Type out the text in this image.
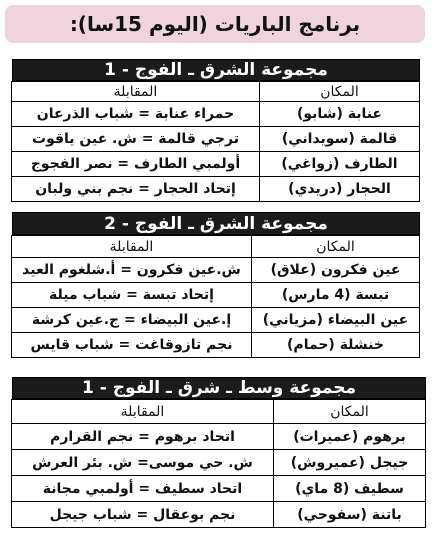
برنامج الباريات (اليوم 15سا):
مجموعة الشرق ـ الفوج - 1
المكان	المقابلة
عنابة (شابو)	حمراء عنابة = شباب الذرعان
قالمة (سويداني)	ترجي قالمة = ش. عين ياقوت
الطارف (زواغي)	أولمبي الطارف = نصر الفجوج
الحجار (دريدي)	إتحاد الحجار = نجم بني ولبان
مجموعة الشرق ـ الفوج - 2
المكان	المقابلة
عين فكرون (علاق)	ش.عين فكرون = أ.شلغوم العيد
تبسة (4 مارس)	إتحاد تبسة = شباب ميلة
عين البيضاء (مزياني)	إ.عين البيضاء = ج.عين كرشة
خنشلة (حمام)	نجم تازوقاغت = شباب قايس
مجموعة وسط ـ شرق ـ الفوج - 1
المكان	المقابلة
برهوم (عميرات)	اتحاد برهوم = نجم القرارم
جيجل (عميروش)	ش. حي موسى= ش. بئر العرش
سطيف (8 ماي)	اتحاد سطيف = أولمبي مجانة
باتنة (سفوحي)	نجم بوعقال = شباب جيجل
